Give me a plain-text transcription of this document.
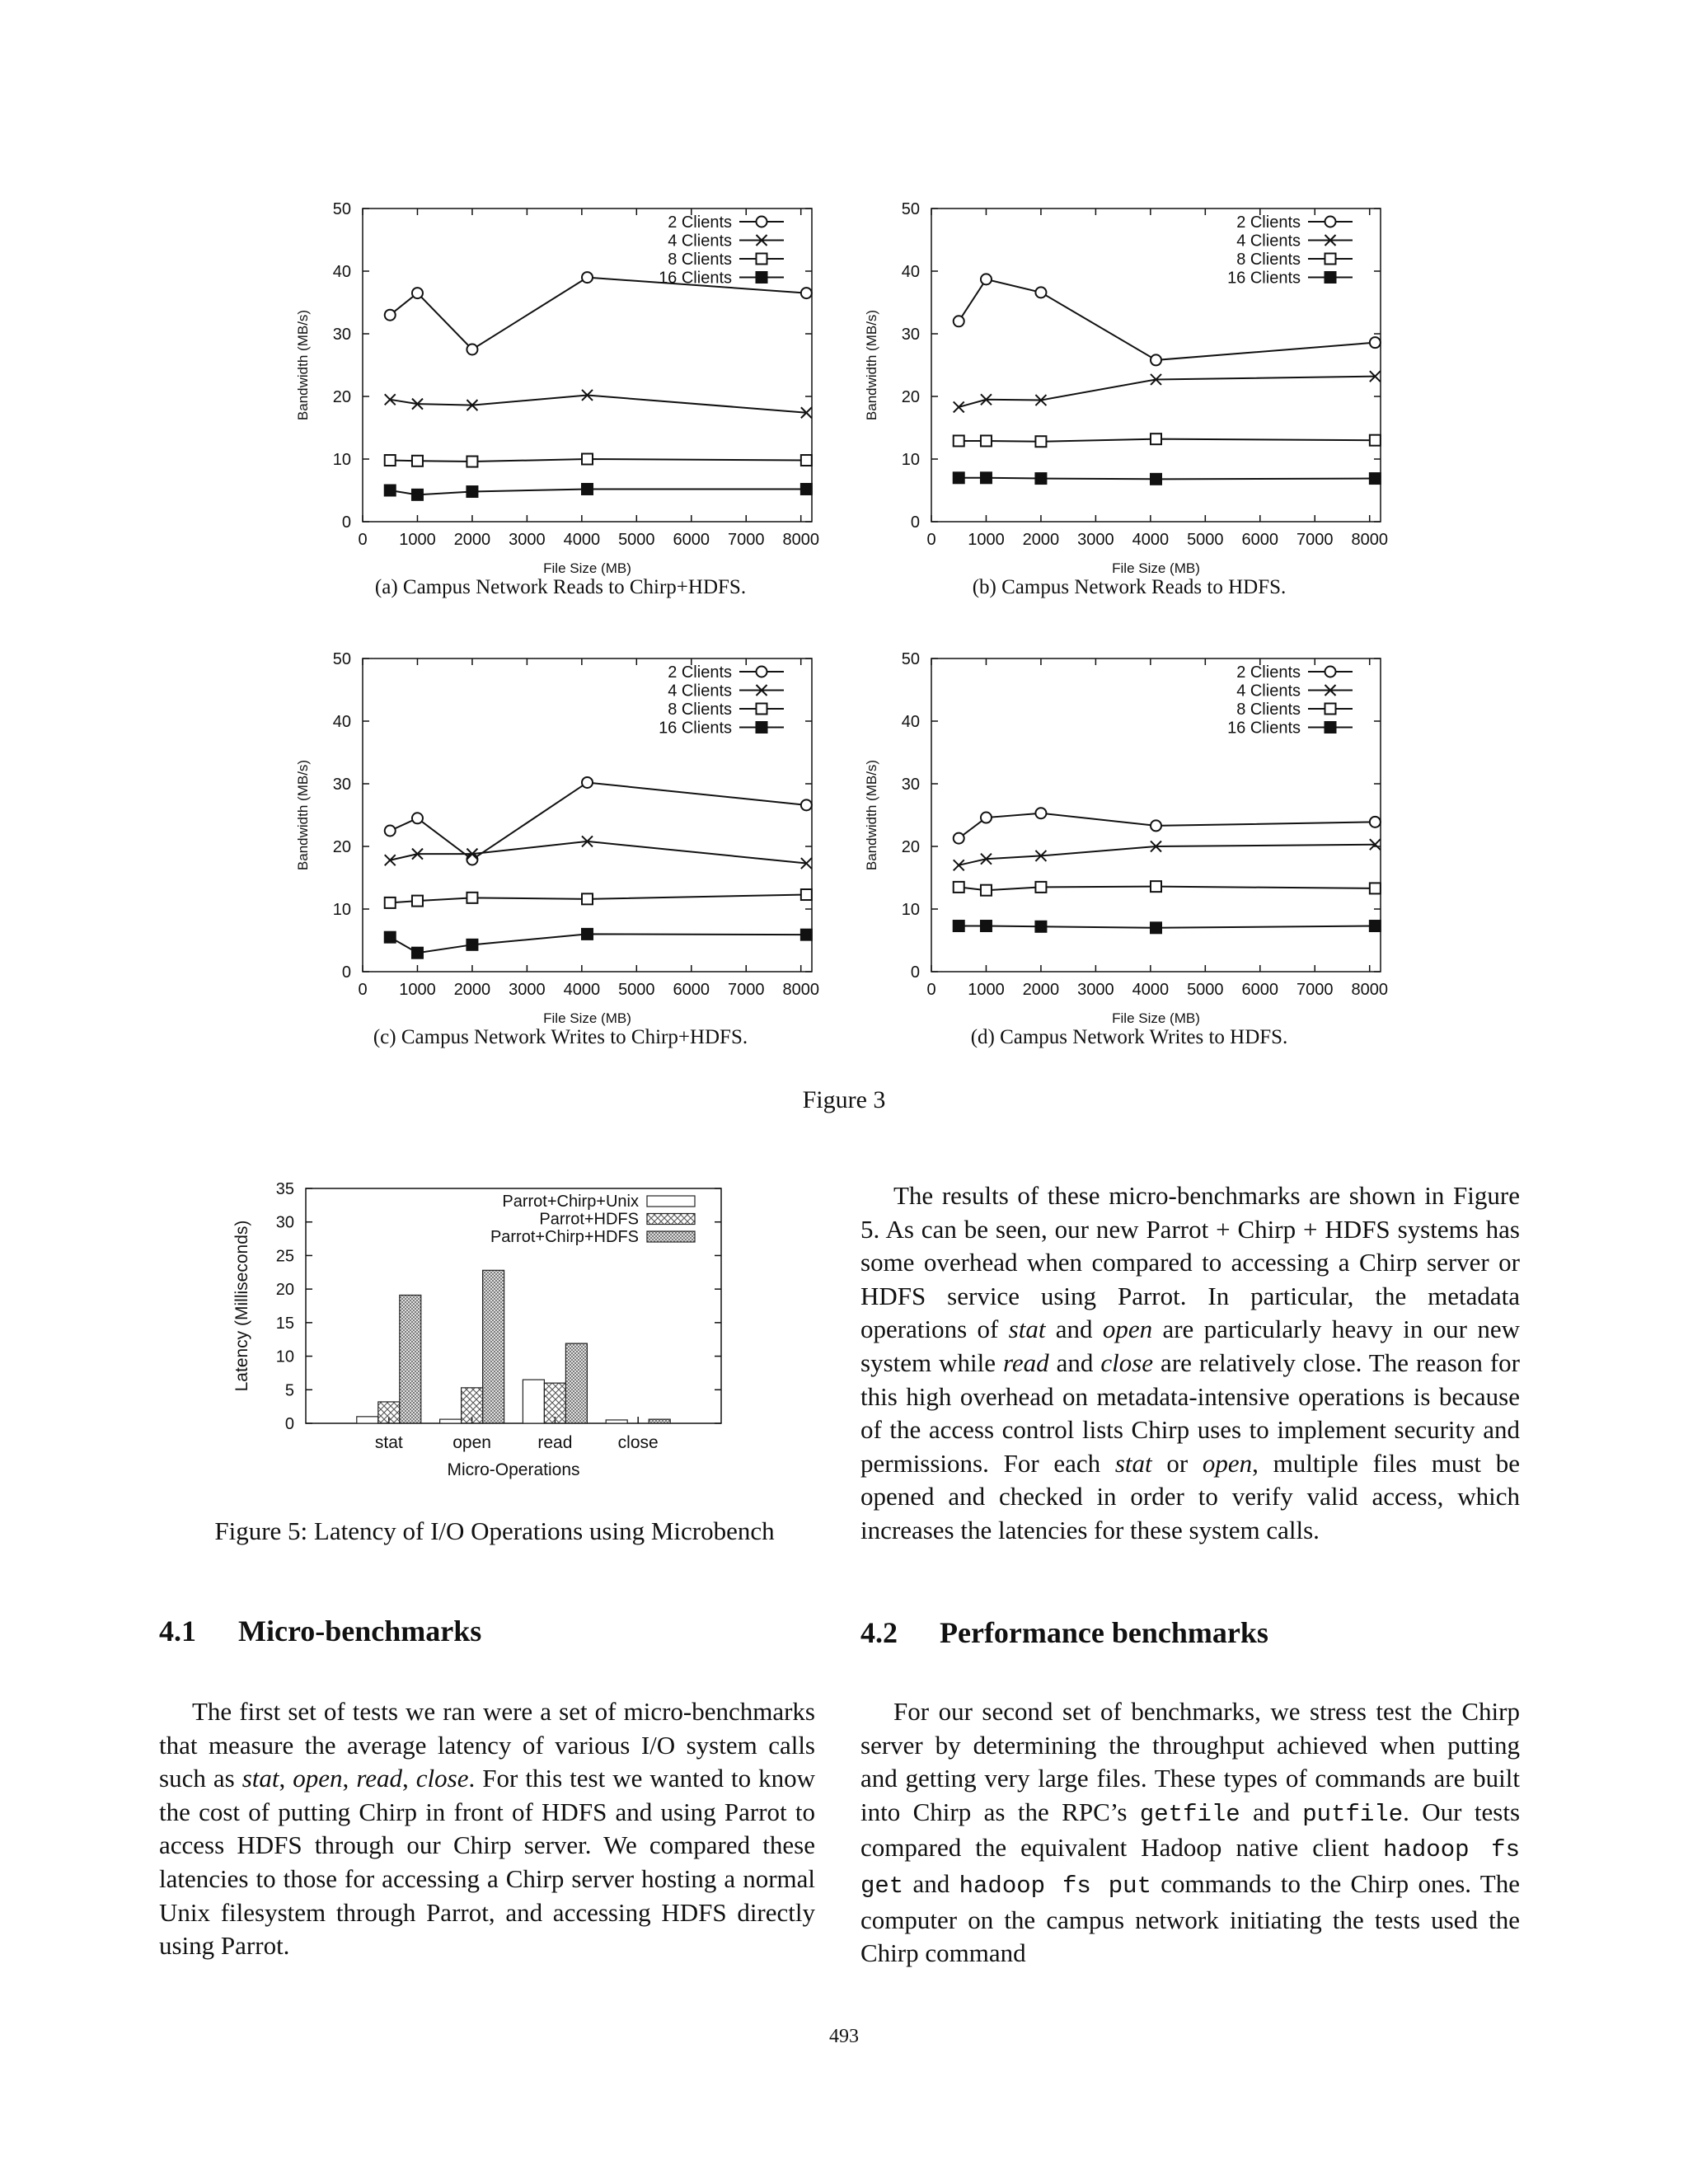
0
10
20
30
40
50
0 1000 2000 3000 4000 5000 6000 7000 8000
File Size (MB)
Bandwidth (MB/s)
2 Clients
4 Clients
8 Clients
16 Clients
(a) Campus Network Reads to Chirp+HDFS.
0
10
20
30
40
50
0 1000 2000 3000 4000 5000 6000 7000 8000
File Size (MB)
Bandwidth (MB/s)
2 Clients
4 Clients
8 Clients
16 Clients
(b) Campus Network Reads to HDFS.
0
10
20
30
40
50
0 1000 2000 3000 4000 5000 6000 7000 8000
File Size (MB)
Bandwidth (MB/s)
2 Clients
4 Clients
8 Clients
16 Clients
(c) Campus Network Writes to Chirp+HDFS.
0
10
20
30
40
50
0 1000 2000 3000 4000 5000 6000 7000 8000
File Size (MB)
Bandwidth (MB/s)
2 Clients
4 Clients
8 Clients
16 Clients
(d) Campus Network Writes to HDFS.
Figure 3
0
5
10
15
20
25
30
35
stat	open	read	close
Micro-Operations
Latency (Milliseconds)
Parrot+Chirp+Unix
Parrot+HDFS
Parrot+Chirp+HDFS
Figure 5: Latency of I/O Operations using Microbench

The results of these micro-benchmarks are shown in Figure 5. As can be seen, our new Parrot + Chirp + HDFS systems has some overhead when compared to accessing a Chirp server or HDFS service using Parrot. In particular, the metadata operations of stat and open are particularly heavy in our new system while read and close are relatively close. The reason for this high overhead on metadata-intensive operations is because of the access control lists Chirp uses to implement security and permissions. For each stat or open, multiple files must be opened and checked in order to verify valid access, which increases the latencies for these system calls.

4.1 Micro-benchmarks

The first set of tests we ran were a set of micro-benchmarks that measure the average latency of various I/O system calls such as stat, open, read, close. For this test we wanted to know the cost of putting Chirp in front of HDFS and using Parrot to access HDFS through our Chirp server. We compared these latencies to those for accessing a Chirp server hosting a normal Unix filesystem through Parrot, and accessing HDFS directly using Parrot.

4.2 Performance benchmarks

For our second set of benchmarks, we stress test the Chirp server by determining the throughput achieved when putting and getting very large files. These types of commands are built into Chirp as the RPC’s getfile and putfile. Our tests compared the equivalent Hadoop native client hadoop fs get and hadoop fs put commands to the Chirp ones. The computer on the campus network initiating the tests used the Chirp command

493
